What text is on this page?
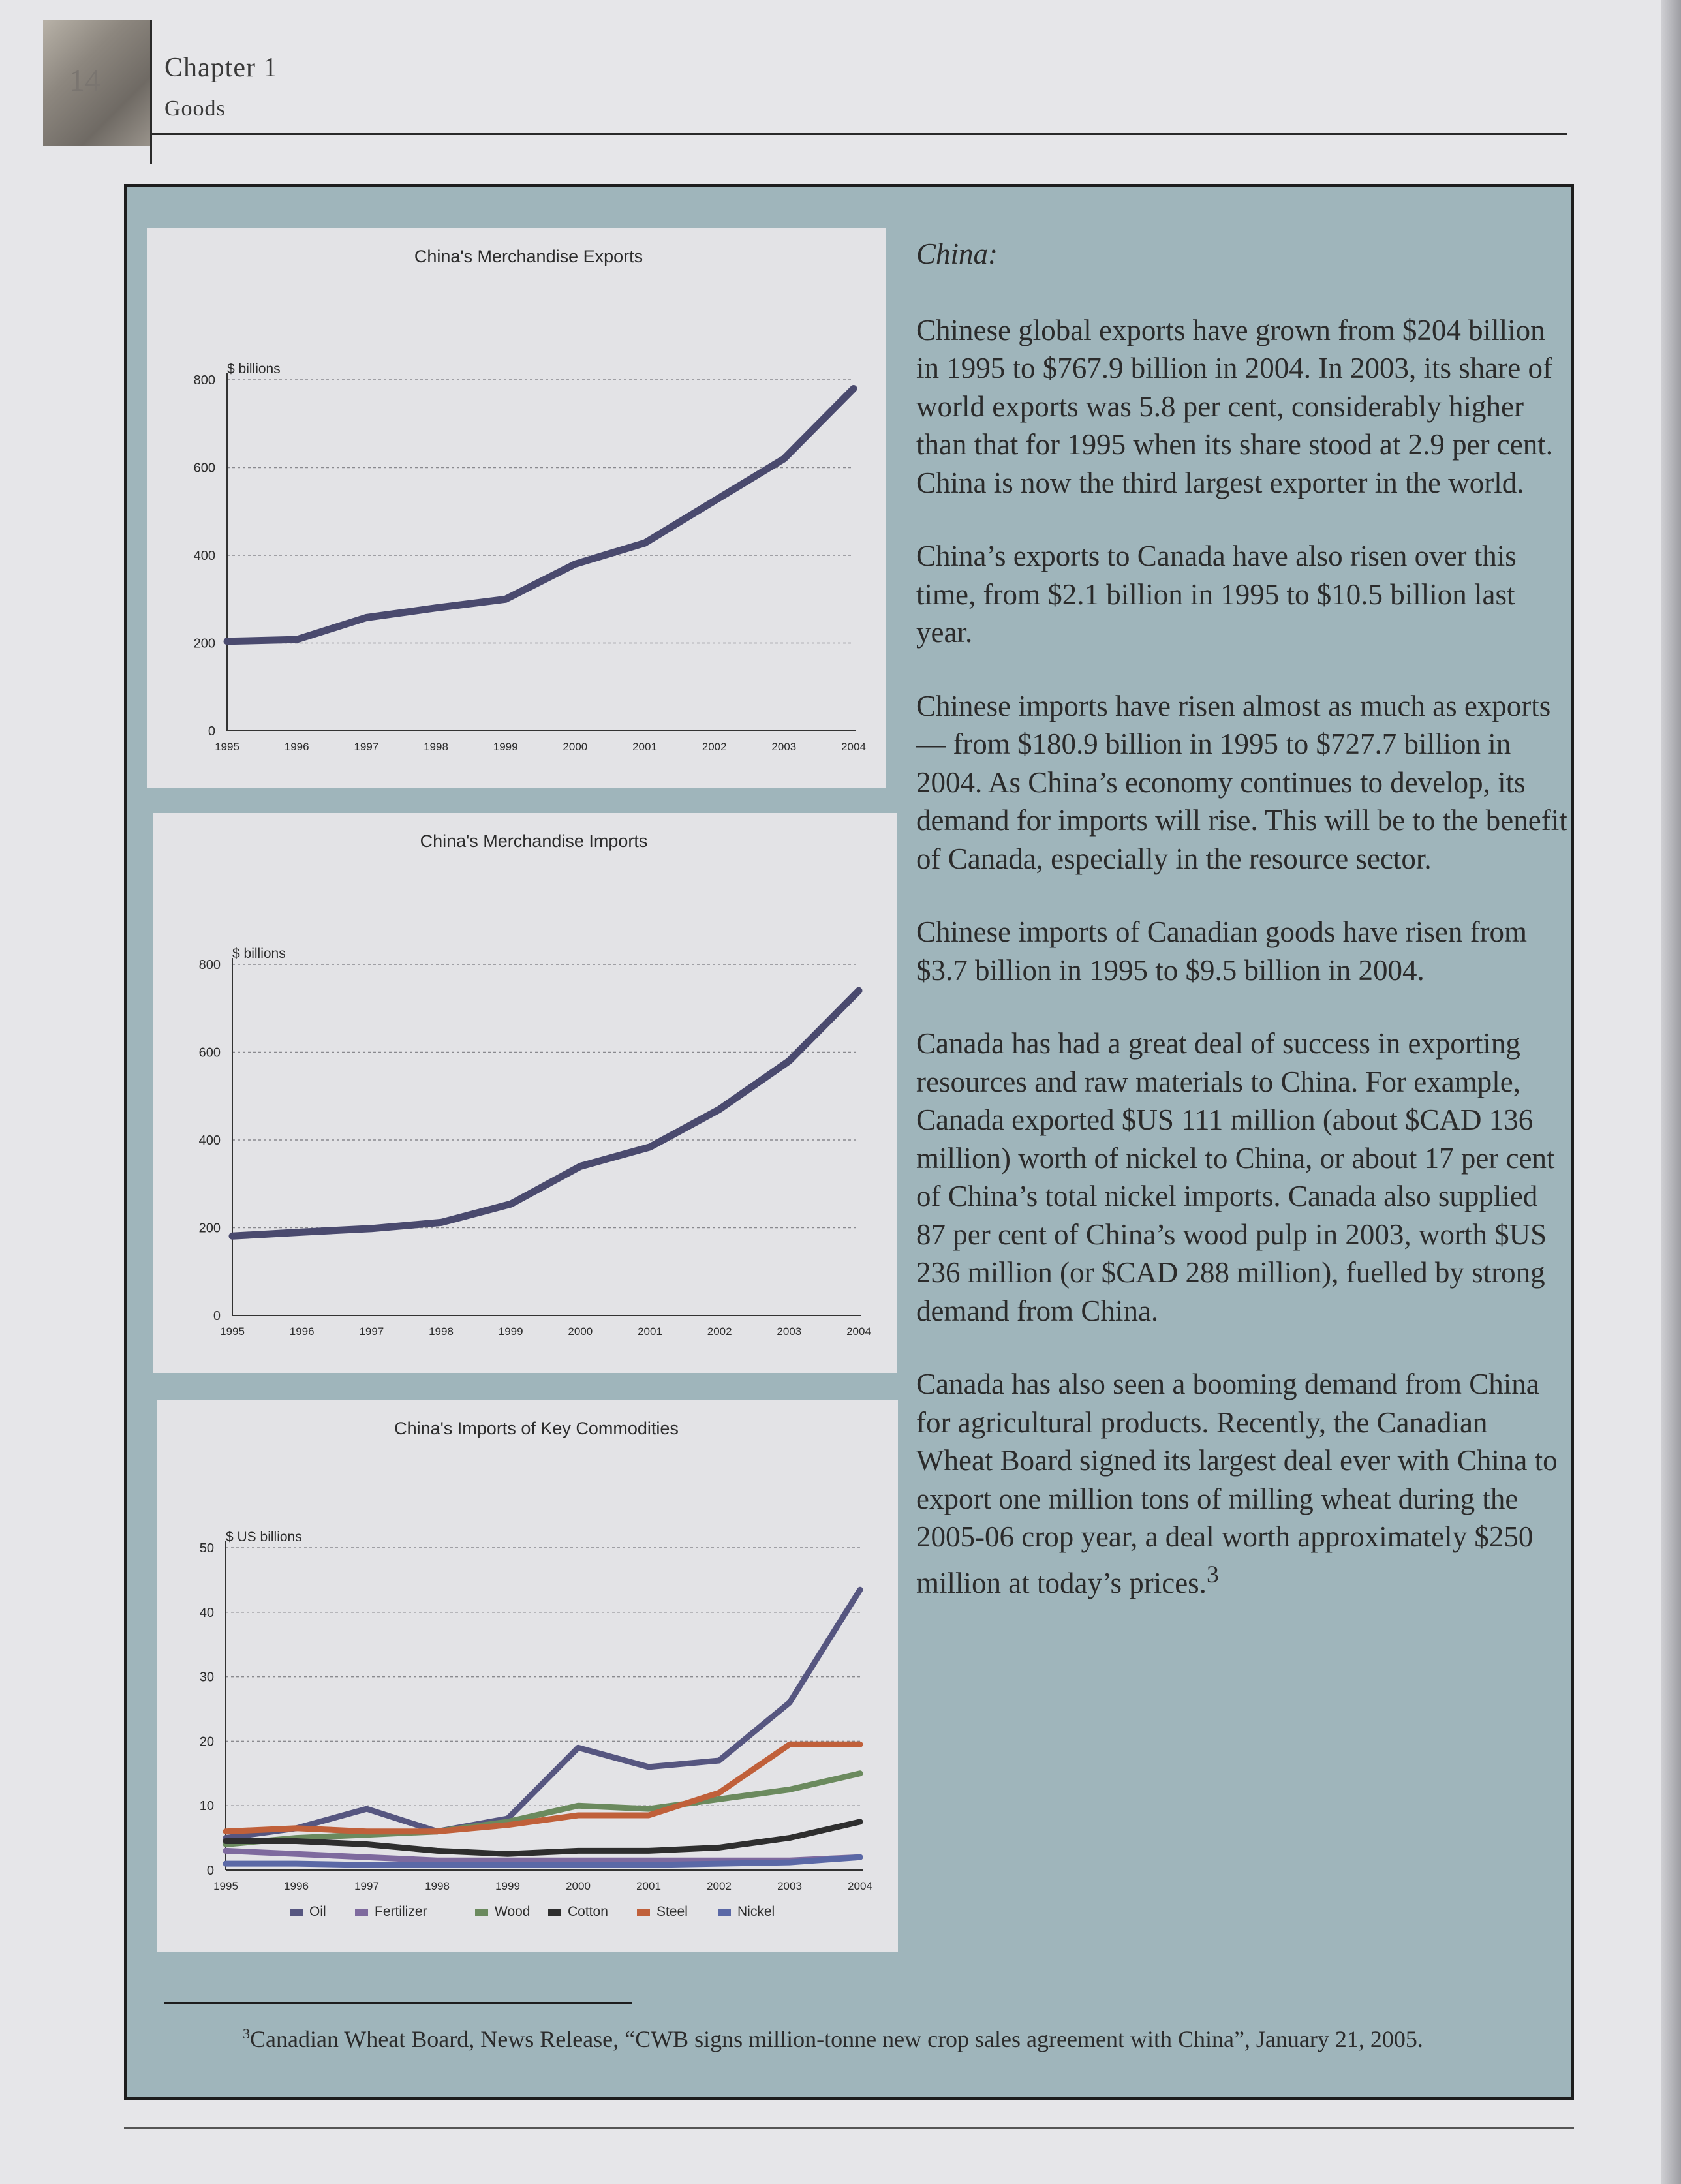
14 Chapter 1
Goods
China's Merchandise Exports
$ billions
0
200
400
600
800
1995	1996	1997	1998	1999	2000	2001	2002	2003	2004
China's Merchandise Imports
$ billions
0
200
400
600
800
1995	1996	1997	1998	1999	2000	2001	2002	2003	2004
China's Imports of Key Commodities
$ US billions
0
10
20
30
40
50
1995	1996	1997	1998	1999	2000	2001	2002	2003	2004
Oil	Fertilizer	Wood	Cotton	Steel	Nickel

China:

Chinese global exports have grown from $204 billion in 1995 to $767.9 billion in 2004. In 2003, its share of world exports was 5.8 per cent, considerably higher than that for 1995 when its share stood at 2.9 per cent. China is now the third largest exporter in the world.

China’s exports to Canada have also risen over this time, from $2.1 billion in 1995 to $10.5 billion last year.

Chinese imports have risen almost as much as exports — from $180.9 billion in 1995 to $727.7 billion in 2004. As China’s economy continues to develop, its demand for imports will rise. This will be to the benefit of Canada, especially in the resource sector.

Chinese imports of Canadian goods have risen from $3.7 billion in 1995 to $9.5 billion in 2004.

Canada has had a great deal of success in exporting resources and raw materials to China. For example, Canada exported $US 111 million (about $CAD 136 million) worth of nickel to China, or about 17 per cent of China’s total nickel imports. Canada also supplied 87 per cent of China’s wood pulp in 2003, worth $US 236 million (or $CAD 288 million), fuelled by strong demand from China.

Canada has also seen a booming demand from China for agricultural products. Recently, the Canadian Wheat Board signed its largest deal ever with China to export one million tons of milling wheat during the 2005-06 crop year, a deal worth approximately $250 million at today’s prices.$^3$

$^3$Canadian Wheat Board, News Release, “CWB signs million-tonne new crop sales agreement with China”, January 21, 2005.
